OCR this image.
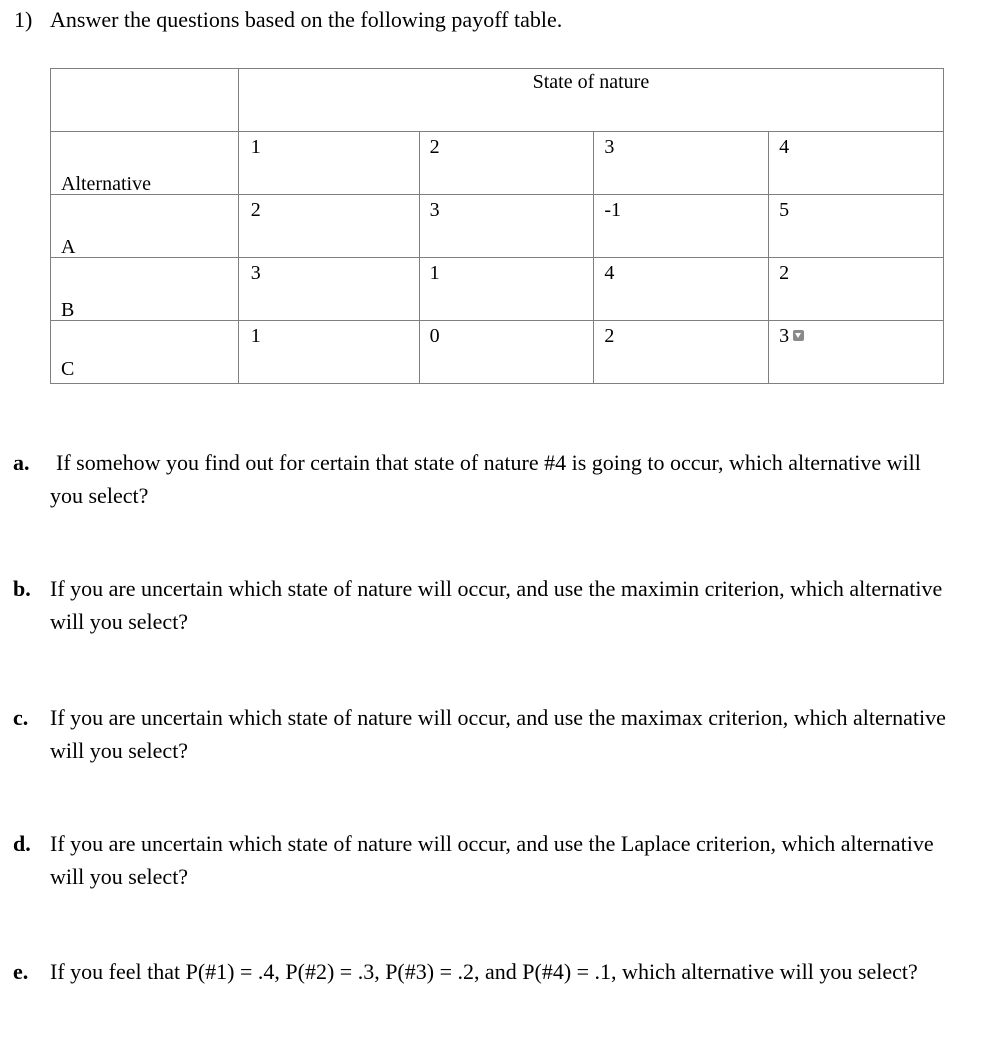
1) Answer the questions based on the following payoff table.

	State of nature			

Alternative	1	2	3	4

A	2	3	-1	5

B	3	1	4	2

C	1	0	2	3
a. If somehow you find out for certain that state of nature #4 is going to occur, which alternative will you select?
b. If you are uncertain which state of nature will occur, and use the maximin criterion, which alternative will you select?
c. If you are uncertain which state of nature will occur, and use the maximax criterion, which alternative will you select?
d. If you are uncertain which state of nature will occur, and use the Laplace criterion, which alternative will you select?
e. If you feel that P(#1) = .4, P(#2) = .3, P(#3) = .2, and P(#4) = .1, which alternative will you select?
